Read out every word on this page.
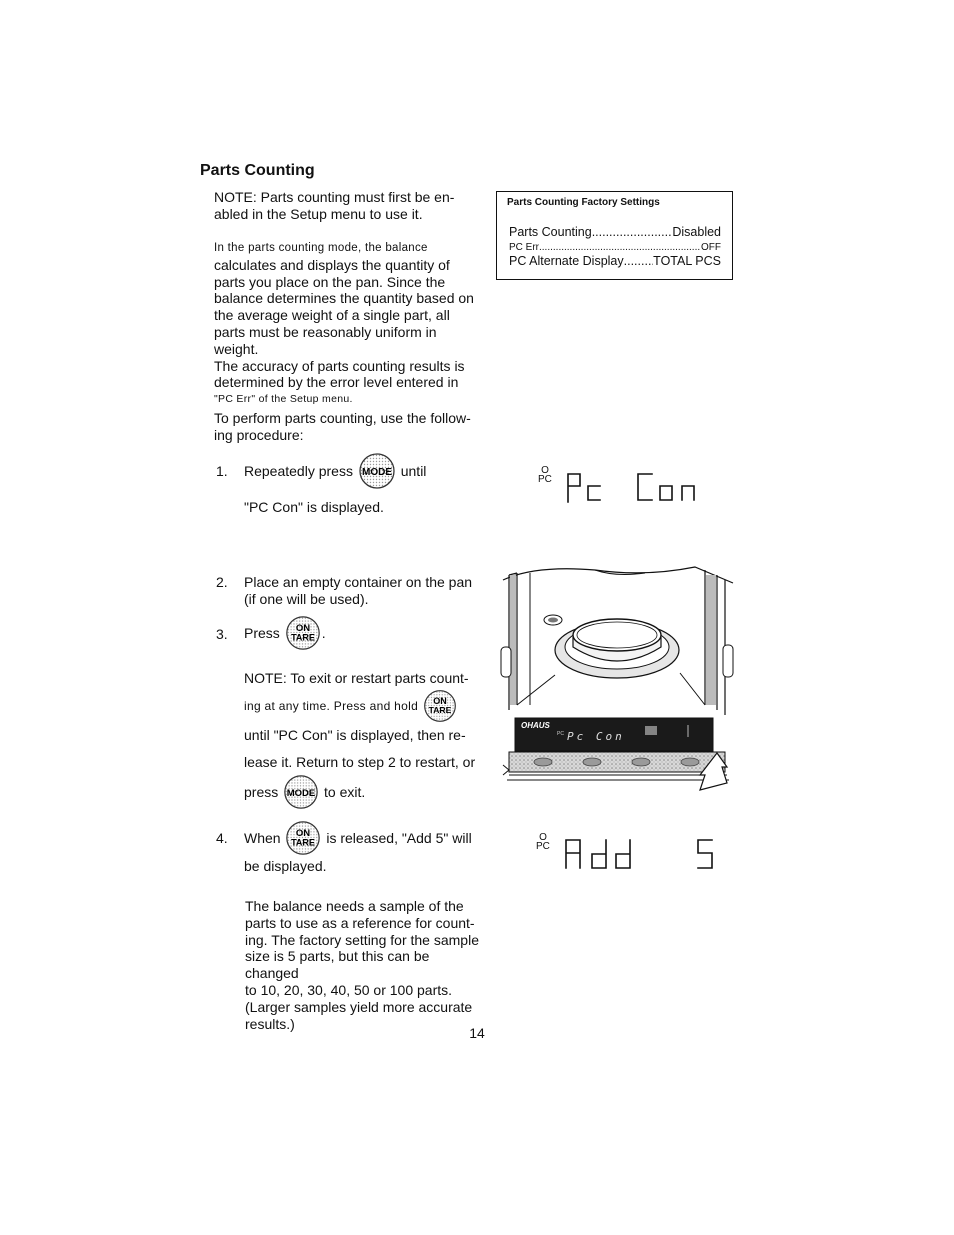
Parts Counting
NOTE: Parts counting must first be en-
abled in the Setup menu to use it.
In the parts counting mode, the balance
calculates and displays the quantity of
parts you place on the pan. Since the
balance determines the quantity based on
the average weight of a single part, all
parts must be reasonably uniform in weight.
The accuracy of parts counting results is
determined by the error level entered in
"PC Err" of the Setup menu.
To perform parts counting, use the follow-
ing procedure:
1. Repeatedly press
MODE
until
"PC Con" is displayed.
2. Place an empty container on the pan
(if one will be used).
3. Press
ON
TARE .
NOTE: To exit or restart parts count-
ing at any time. Press and hold
ON
TARE
until "PC Con" is displayed, then re-
lease it. Return to step 2 to restart, or
press
MODE
to exit.
4. When
ON
TARE
is released, "Add 5" will
be displayed.
The balance needs a sample of the
parts to use as a reference for count-
ing. The factory setting for the sample
size is 5 parts, but this can be changed
to 10, 20, 30, 40, 50 or 100 parts.
(Larger samples yield more accurate
results.)
Parts Counting Factory Settings
Parts Counting .....	Disabled
PC Err .....	OFF
PC Alternate Display ..... TOTAL PCS
O
PC
OHAUS
PC Pc Con
O
PC
14
